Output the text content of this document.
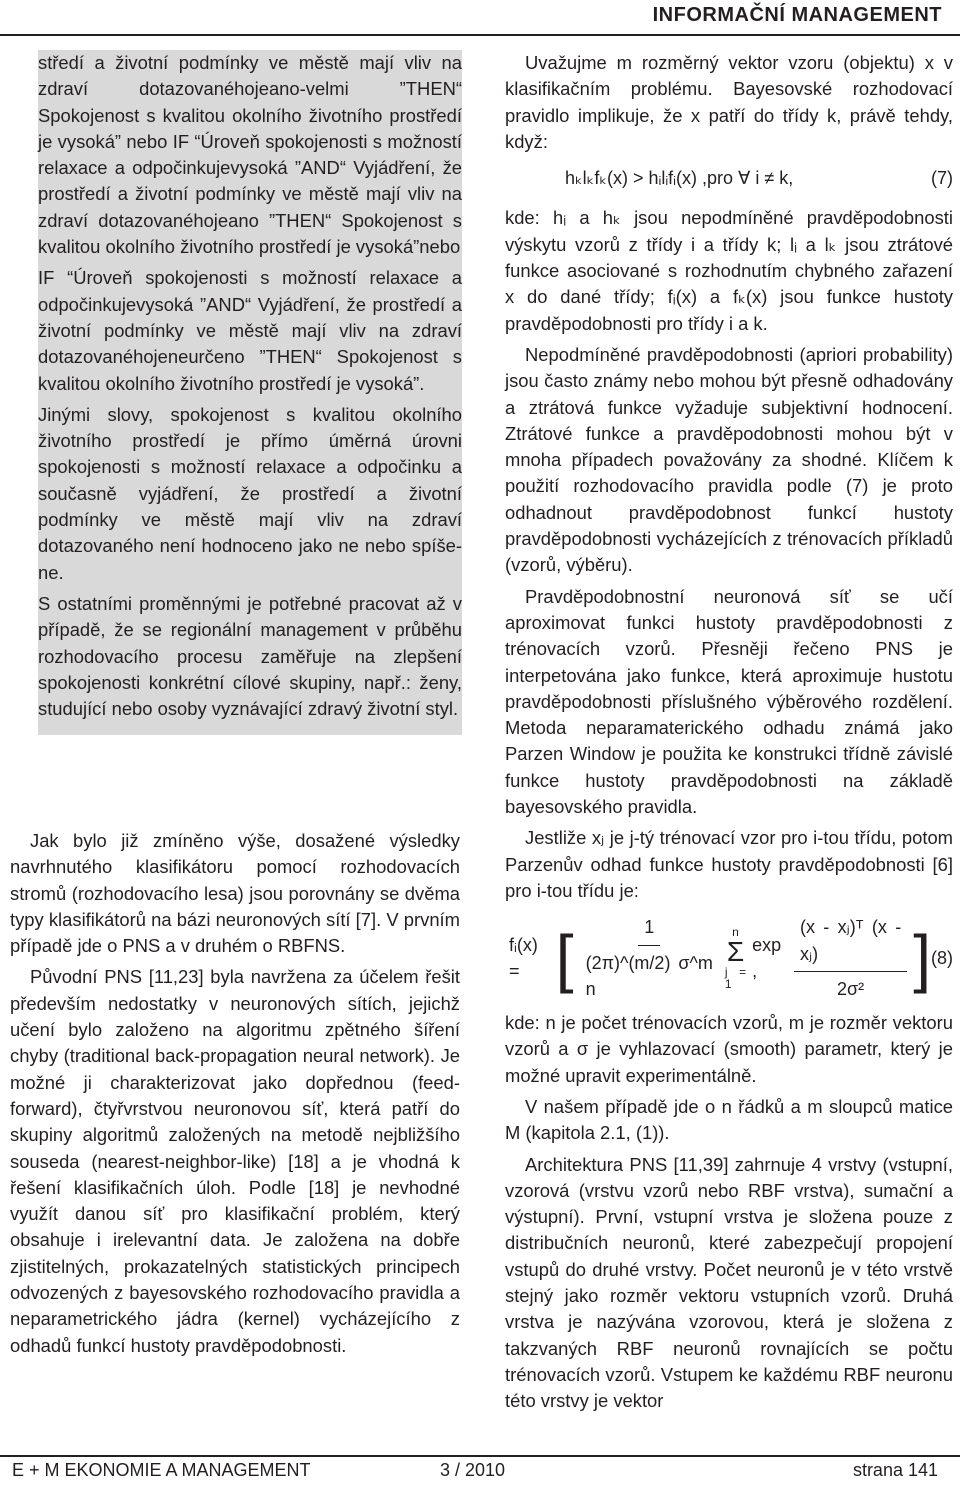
INFORMAČNÍ MANAGEMENT

středí a životní podmínky ve městě mají vliv na zdraví dotazovanéhojeano-velmi ”THEN“ Spokojenost s kvalitou okolního životního prostředí je vysoká” nebo IF “Úroveň spokojenosti s možností relaxace a odpočinkujevysoká ”AND“ Vyjádření, že prostředí a životní podmínky ve městě mají vliv na zdraví dotazovanéhojeano ”THEN“ Spokojenost s kvalitou okolního životního prostředí je vysoká”nebo

IF “Úroveň spokojenosti s možností relaxace a odpočinkujevysoká ”AND“ Vyjádření, že prostředí a životní podmínky ve městě mají vliv na zdraví dotazovanéhojeneurčeno ”THEN“ Spokojenost s kvalitou okolního životního prostředí je vysoká”.

Jinými slovy, spokojenost s kvalitou okolního životního prostředí je přímo úměrná úrovni spokojenosti s možností relaxace a odpočinku a současně vyjádření, že prostředí a životní podmínky ve městě mají vliv na zdraví dotazovaného není hodnoceno jako ne nebo spíše-ne.

S ostatními proměnnými je potřebné pracovat až v případě, že se regionální management v průběhu rozhodovacího procesu zaměřuje na zlepšení spokojenosti konkrétní cílové skupiny, např.: ženy, studující nebo osoby vyznávající zdravý životní styl.

Jak bylo již zmíněno výše, dosažené výsledky navrhnutého klasifikátoru pomocí rozhodovacích stromů (rozhodovacího lesa) jsou porovnány se dvěma typy klasifikátorů na bázi neuronových sítí [7]. V prvním případě jde o PNS a v druhém o RBFNS.

Původní PNS [11,23] byla navržena za účelem řešit především nedostatky v neuronových sítích, jejichž učení bylo založeno na algoritmu zpětného šíření chyby (traditional back-propagation neural network). Je možné ji charakterizovat jako dopřednou (feed-forward), čtyřvrstvou neuronovou síť, která patří do skupiny algoritmů založených na metodě nejbližšího souseda (nearest-neighbor-like) [18] a je vhodná k řešení klasifikačních úloh. Podle [18] je nevhodné využít danou síť pro klasifikační problém, který obsahuje i irelevantní data. Je založena na dobře zjistitelných, prokazatelných statistických principech odvozených z bayesovského rozhodovacího pravidla a neparametrického jádra (kernel) vycházejícího z odhadů funkcí hustoty pravděpodobnosti.

Uvažujme m rozměrný vektor vzoru (objektu) x v klasifikačním problému. Bayesovské rozhodovací pravidlo implikuje, že x patří do třídy k, právě tehdy, když:

hₖlₖfₖ(x) > hᵢlᵢfᵢ(x) ,pro ∀ i ≠ k,	(7)

kde: hᵢ a hₖ jsou nepodmíněné pravděpodobnosti výskytu vzorů z třídy i a třídy k; lᵢ a lₖ jsou ztrátové funkce asociované s rozhodnutím chybného zařazení x do dané třídy; fᵢ(x) a fₖ(x) jsou funkce hustoty pravděpodobnosti pro třídy i a k.

Nepodmíněné pravděpodobnosti (apriori probability) jsou často známy nebo mohou být přesně odhadovány a ztrátová funkce vyžaduje subjektivní hodnocení. Ztrátové funkce a pravděpodobnosti mohou být v mnoha případech považovány za shodné. Klíčem k použití rozhodovacího pravidla podle (7) je proto odhadnout pravděpodobnost funkcí hustoty pravděpodobnosti vycházejících z trénovacích příkladů (vzorů, výběru).

Pravděpodobnostní neuronová síť se učí aproximovat funkci hustoty pravděpodobnosti z trénovacích vzorů. Přesněji řečeno PNS je interpetována jako funkce, která aproximuje hustotu pravděpodobnosti příslušného výběrového rozdělení. Metoda neparamaterického odhadu známá jako Parzen Window je použita ke konstrukci třídně závislé funkce hustoty pravděpodobnosti na základě bayesovského pravidla.

Jestliže xⱼ je j-tý trénovací vzor pro i-tou třídu, potom Parzenův odhad funkce hustoty pravděpodobnosti [6] pro i-tou třídu je:

fᵢ(x) = [ $\frac{1}{\text{(2π)\textasciicircum{}(m/2) σ\textasciicircum{}m n}}$ n
Σ
j = 1
exp ,	$\frac{\text{(x - xⱼ)ᵀ (x - xⱼ)}}{\text{2σ²}}$ ] (8)

kde: n je počet trénovacích vzorů, m je rozměr vektoru vzorů a σ je vyhlazovací (smooth) parametr, který je možné upravit experimentálně.

V našem případě jde o n řádků a m sloupců matice M (kapitola 2.1, (1)).

Architektura PNS [11,39] zahrnuje 4 vrstvy (vstupní, vzorová (vrstvu vzorů nebo RBF vrstva), sumační a výstupní). První, vstupní vrstva je složena pouze z distribučních neuronů, které zabezpečují propojení vstupů do druhé vrstvy. Počet neuronů je v této vrstvě stejný jako rozměr vektoru vstupních vzorů. Druhá vrstva je nazývána vzorovou, která je složena z takzvaných RBF neuronů rovnajících se počtu trénovacích vzorů. Vstupem ke každému RBF neuronu této vrstvy je vektor

E + M EKONOMIE A MANAGEMENT	3 / 2010	strana 141
